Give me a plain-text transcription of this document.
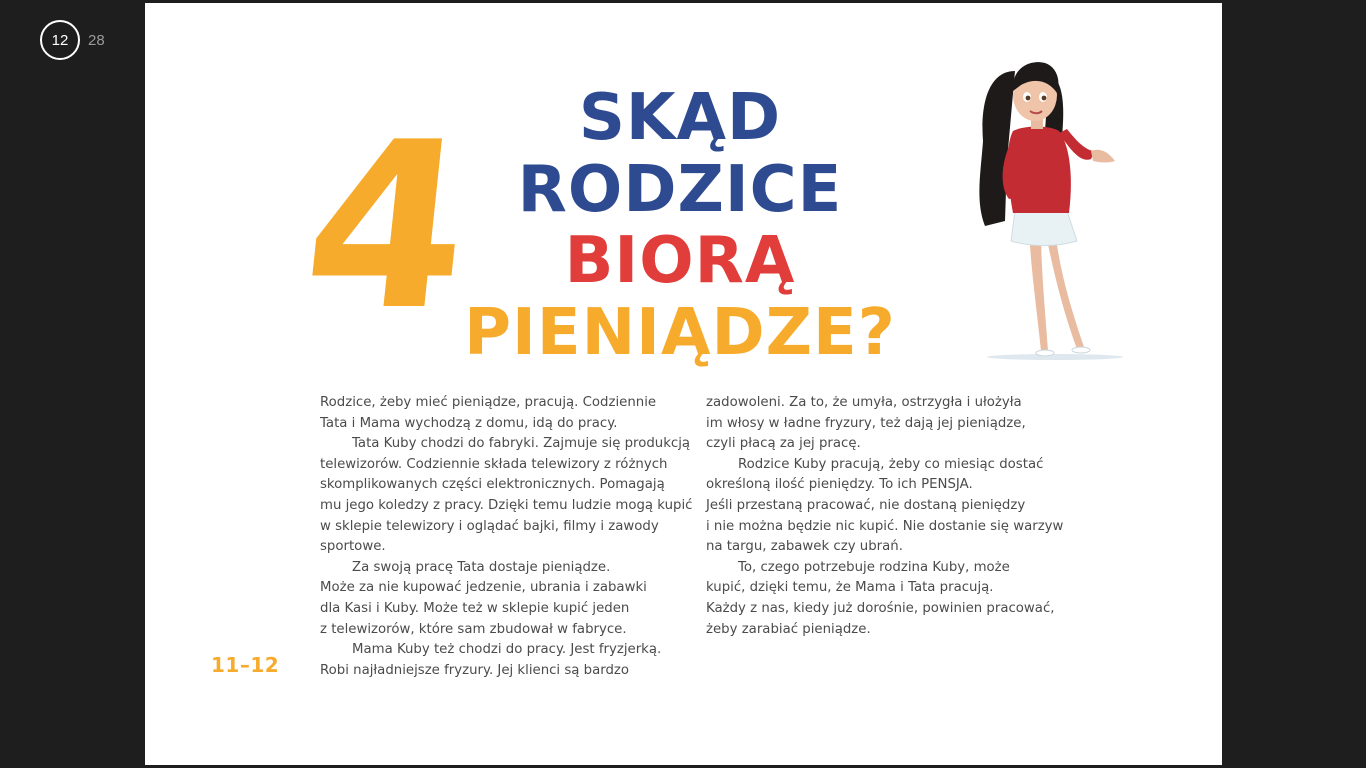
12	28
4	SKĄD RODZICE
BIORĄ
PIENIĄDZE?

Rodzice, żeby mieć pieniądze, pracują. Codziennie

Tata i Mama wychodzą z domu, idą do pracy.

Tata Kuby chodzi do fabryki. Zajmuje się produkcją

telewizorów. Codziennie składa telewizory z różnych

skomplikowanych części elektronicznych. Pomagają

mu jego koledzy z pracy. Dzięki temu ludzie mogą kupić

w sklepie telewizory i oglądać bajki, filmy i zawody

sportowe.

Za swoją pracę Tata dostaje pieniądze.

Może za nie kupować jedzenie, ubrania i zabawki

dla Kasi i Kuby. Może też w sklepie kupić jeden

z telewizorów, które sam zbudował w fabryce.

Mama Kuby też chodzi do pracy. Jest fryzjerką.

Robi najładniejsze fryzury. Jej klienci są bardzo

zadowoleni. Za to, że umyła, ostrzygła i ułożyła

im włosy w ładne fryzury, też dają jej pieniądze,

czyli płacą za jej pracę.

Rodzice Kuby pracują, żeby co miesiąc dostać

określoną ilość pieniędzy. To ich PENSJA.

Jeśli przestaną pracować, nie dostaną pieniędzy

i nie można będzie nic kupić. Nie dostanie się warzyw

na targu, zabawek czy ubrań.

To, czego potrzebuje rodzina Kuby, może

kupić, dzięki temu, że Mama i Tata pracują.

Każdy z nas, kiedy już dorośnie, powinien pracować,

żeby zarabiać pieniądze.

11–12
